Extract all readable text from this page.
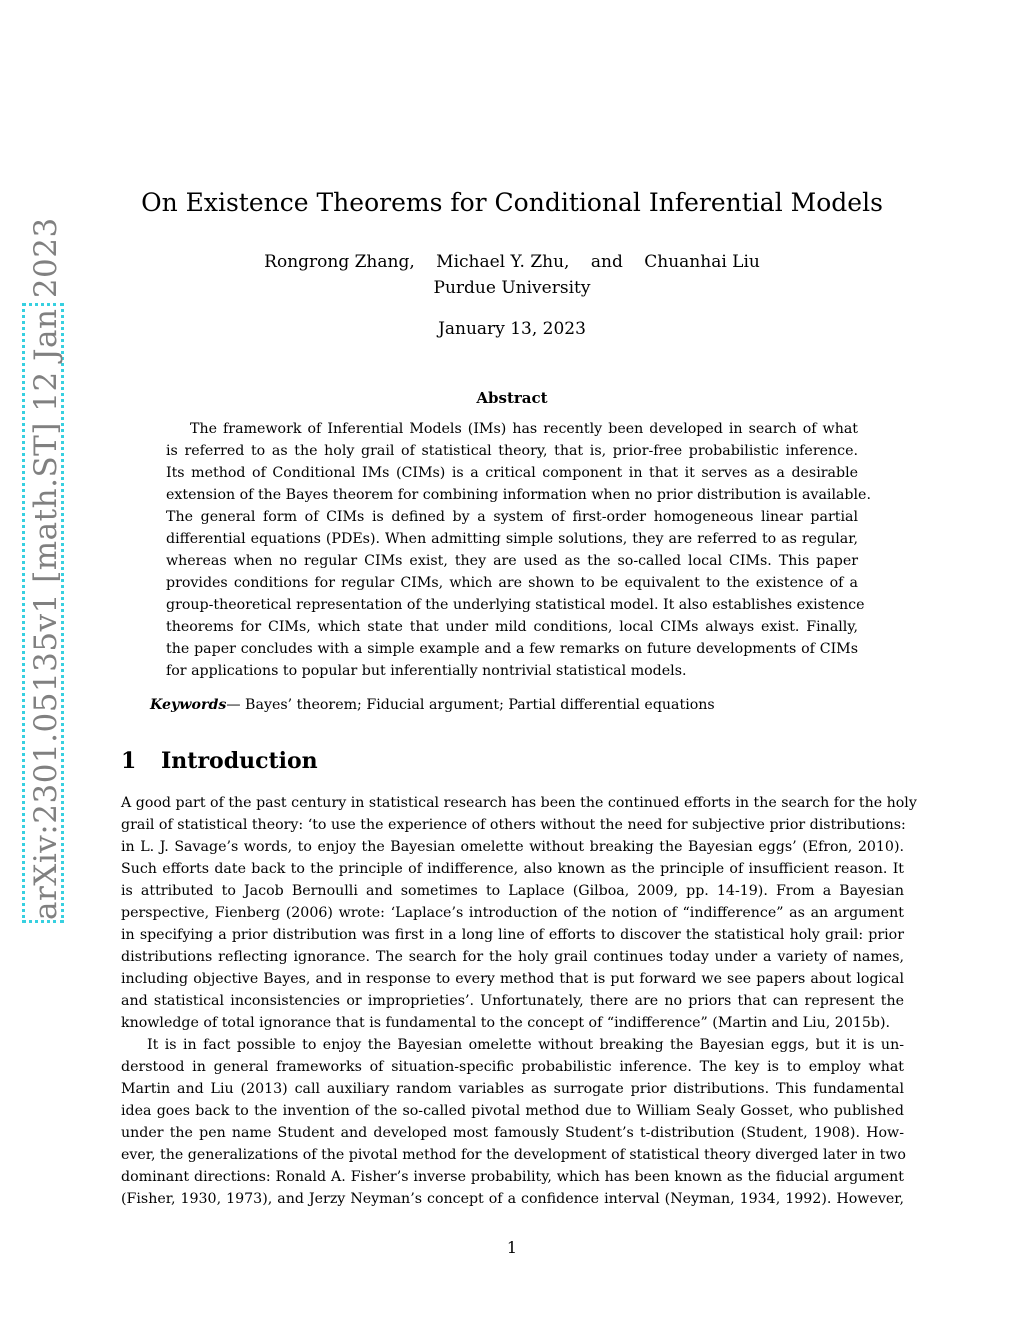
arXiv:2301.05135v1 [math.ST] 12 Jan 2023
On Existence Theorems for Conditional Inferential Models
Rongrong Zhang, Michael Y. Zhu, and Chuanhai Liu
Purdue University
January 13, 2023
Abstract
The framework of Inferential Models (IMs) has recently been developed in search of what
is referred to as the holy grail of statistical theory, that is, prior-free probabilistic inference.
Its method of Conditional IMs (CIMs) is a critical component in that it serves as a desirable
extension of the Bayes theorem for combining information when no prior distribution is available.
The general form of CIMs is defined by a system of first-order homogeneous linear partial
differential equations (PDEs). When admitting simple solutions, they are referred to as regular,
whereas when no regular CIMs exist, they are used as the so-called local CIMs. This paper
provides conditions for regular CIMs, which are shown to be equivalent to the existence of a
group-theoretical representation of the underlying statistical model. It also establishes existence
theorems for CIMs, which state that under mild conditions, local CIMs always exist. Finally,
the paper concludes with a simple example and a few remarks on future developments of CIMs
for applications to popular but inferentially nontrivial statistical models.
Keywords— Bayes’ theorem; Fiducial argument; Partial differential equations
1 Introduction
A good part of the past century in statistical research has been the continued efforts in the search for the holy
grail of statistical theory: ‘to use the experience of others without the need for subjective prior distributions:
in L. J. Savage’s words, to enjoy the Bayesian omelette without breaking the Bayesian eggs’ (Efron, 2010).
Such efforts date back to the principle of indifference, also known as the principle of insufficient reason. It
is attributed to Jacob Bernoulli and sometimes to Laplace (Gilboa, 2009, pp. 14-19). From a Bayesian
perspective, Fienberg (2006) wrote: ‘Laplace’s introduction of the notion of “indifference” as an argument
in specifying a prior distribution was first in a long line of efforts to discover the statistical holy grail: prior
distributions reflecting ignorance. The search for the holy grail continues today under a variety of names,
including objective Bayes, and in response to every method that is put forward we see papers about logical
and statistical inconsistencies or improprieties’. Unfortunately, there are no priors that can represent the
knowledge of total ignorance that is fundamental to the concept of “indifference” (Martin and Liu, 2015b).
It is in fact possible to enjoy the Bayesian omelette without breaking the Bayesian eggs, but it is un-
derstood in general frameworks of situation-specific probabilistic inference. The key is to employ what
Martin and Liu (2013) call auxiliary random variables as surrogate prior distributions. This fundamental
idea goes back to the invention of the so-called pivotal method due to William Sealy Gosset, who published
under the pen name Student and developed most famously Student’s t-distribution (Student, 1908). How-
ever, the generalizations of the pivotal method for the development of statistical theory diverged later in two
dominant directions: Ronald A. Fisher’s inverse probability, which has been known as the fiducial argument
(Fisher, 1930, 1973), and Jerzy Neyman’s concept of a confidence interval (Neyman, 1934, 1992). However,
1
